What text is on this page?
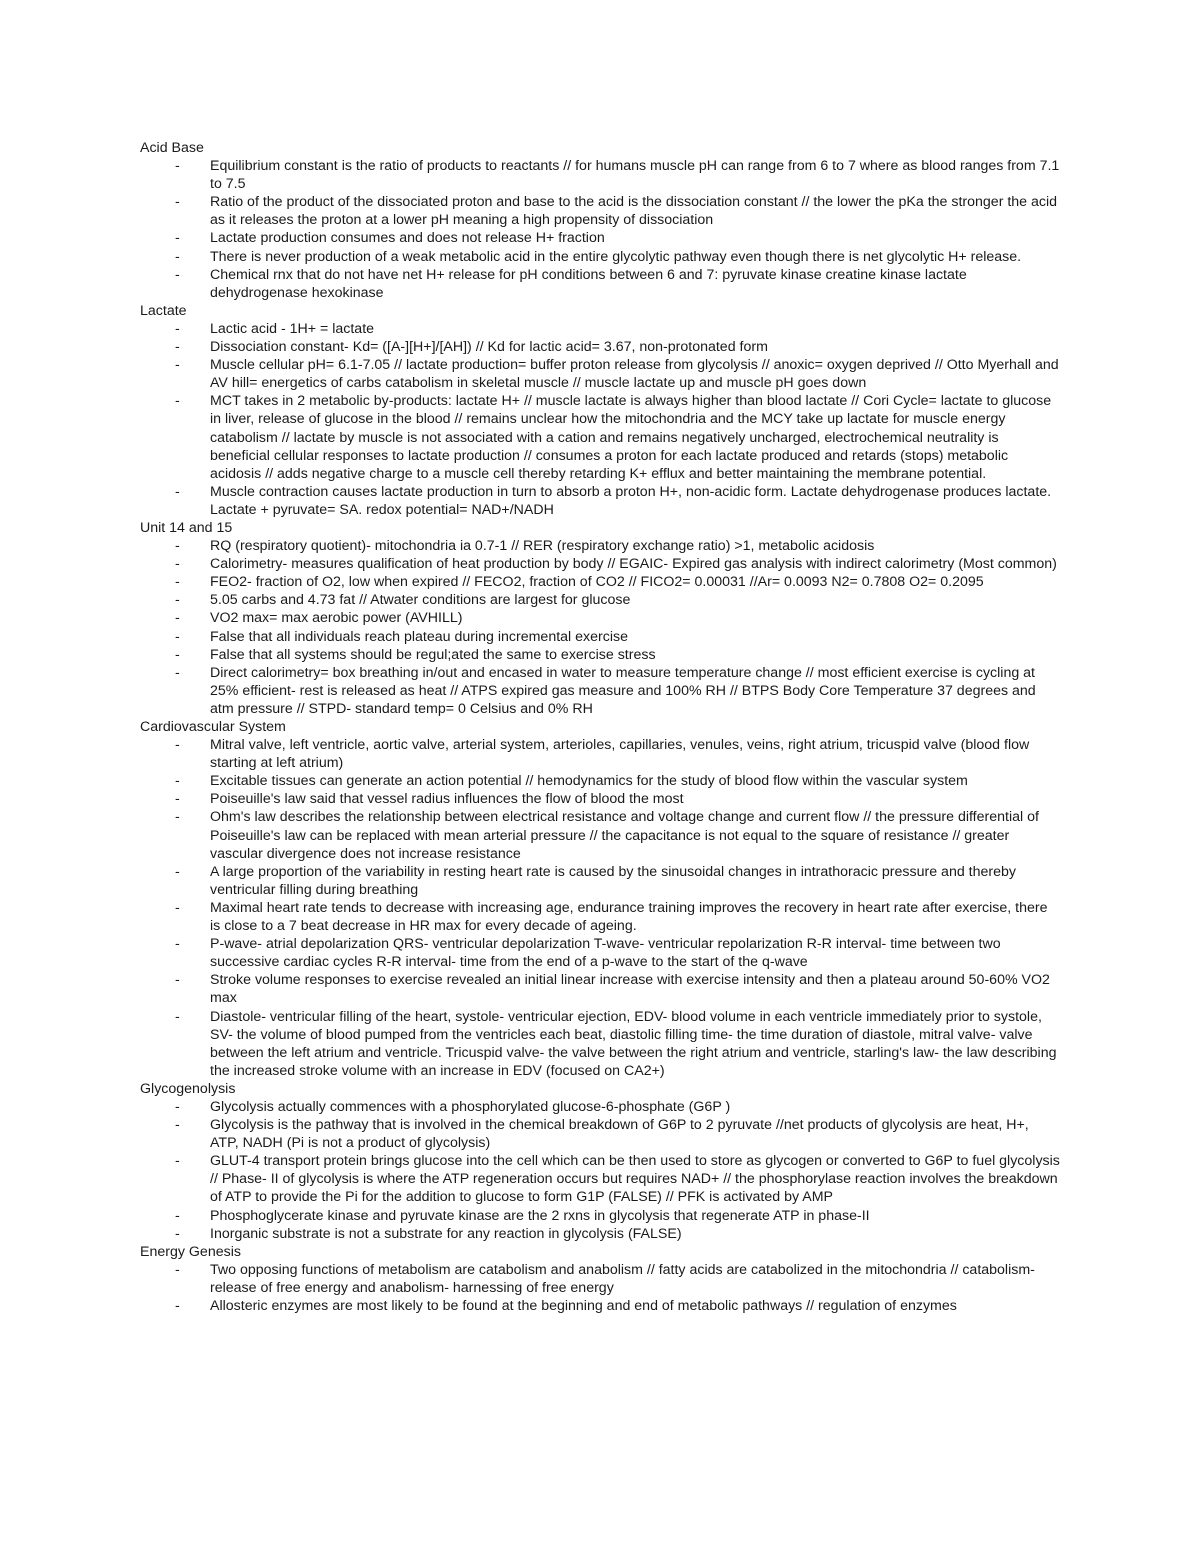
Acid Base
- Equilibrium constant is the ratio of products to reactants // for humans muscle pH can range from 6 to 7 where as blood ranges from 7.1 to 7.5
- Ratio of the product of the dissociated proton and base to the acid is the dissociation constant // the lower the pKa the stronger the acid as it releases the proton at a lower pH meaning a high propensity of dissociation
- Lactate production consumes and does not release H+ fraction
- There is never production of a weak metabolic acid in the entire glycolytic pathway even though there is net glycolytic H+ release.
- Chemical rnx that do not have net H+ release for pH conditions between 6 and 7: pyruvate kinase creatine kinase lactate dehydrogenase hexokinase
Lactate
- Lactic acid - 1H+ = lactate
- Dissociation constant- Kd= ([A-][H+]/[AH]) // Kd for lactic acid= 3.67, non-protonated form
- Muscle cellular pH= 6.1-7.05 // lactate production= buffer proton release from glycolysis // anoxic= oxygen deprived // Otto Myerhall and AV hill= energetics of carbs catabolism in skeletal muscle // muscle lactate up and muscle pH goes down
- MCT takes in 2 metabolic by-products: lactate H+ // muscle lactate is always higher than blood lactate // Cori Cycle= lactate to glucose in liver, release of glucose in the blood // remains unclear how the mitochondria and the MCY take up lactate for muscle energy catabolism // lactate by muscle is not associated with a cation and remains negatively uncharged, electrochemical neutrality is beneficial cellular responses to lactate production // consumes a proton for each lactate produced and retards (stops) metabolic acidosis // adds negative charge to a muscle cell thereby retarding K+ efflux and better maintaining the membrane potential.
- Muscle contraction causes lactate production in turn to absorb a proton H+, non-acidic form. Lactate dehydrogenase produces lactate. Lactate + pyruvate= SA. redox potential= NAD+/NADH
Unit 14 and 15
- RQ (respiratory quotient)- mitochondria ia 0.7-1 // RER (respiratory exchange ratio) >1, metabolic acidosis
- Calorimetry- measures qualification of heat production by body // EGAIC- Expired gas analysis with indirect calorimetry (Most common)
- FEO2- fraction of O2, low when expired // FECO2, fraction of CO2 // FICO2= 0.00031 //Ar= 0.0093 N2= 0.7808 O2= 0.2095
- 5.05 carbs and 4.73 fat // Atwater conditions are largest for glucose
- VO2 max= max aerobic power (AVHILL)
- False that all individuals reach plateau during incremental exercise
- False that all systems should be regul;ated the same to exercise stress
- Direct calorimetry= box breathing in/out and encased in water to measure temperature change // most efficient exercise is cycling at 25% efficient- rest is released as heat // ATPS expired gas measure and 100% RH // BTPS Body Core Temperature 37 degrees and atm pressure // STPD- standard temp= 0 Celsius and 0% RH
Cardiovascular System
- Mitral valve, left ventricle, aortic valve, arterial system, arterioles, capillaries, venules, veins, right atrium, tricuspid valve (blood flow starting at left atrium)
- Excitable tissues can generate an action potential // hemodynamics for the study of blood flow within the vascular system
- Poiseuille's law said that vessel radius influences the flow of blood the most
- Ohm's law describes the relationship between electrical resistance and voltage change and current flow // the pressure differential of Poiseuille's law can be replaced with mean arterial pressure // the capacitance is not equal to the square of resistance // greater vascular divergence does not increase resistance
- A large proportion of the variability in resting heart rate is caused by the sinusoidal changes in intrathoracic pressure and thereby ventricular filling during breathing
- Maximal heart rate tends to decrease with increasing age, endurance training improves the recovery in heart rate after exercise, there is close to a 7 beat decrease in HR max for every decade of ageing.
- P-wave- atrial depolarization QRS- ventricular depolarization T-wave- ventricular repolarization R-R interval- time between two successive cardiac cycles R-R interval- time from the end of a p-wave to the start of the q-wave
- Stroke volume responses to exercise revealed an initial linear increase with exercise intensity and then a plateau around 50-60% VO2 max
- Diastole- ventricular filling of the heart, systole- ventricular ejection, EDV- blood volume in each ventricle immediately prior to systole, SV- the volume of blood pumped from the ventricles each beat, diastolic filling time- the time duration of diastole, mitral valve- valve between the left atrium and ventricle. Tricuspid valve- the valve between the right atrium and ventricle, starling's law- the law describing the increased stroke volume with an increase in EDV (focused on CA2+)
Glycogenolysis
- Glycolysis actually commences with a phosphorylated glucose-6-phosphate (G6P )
- Glycolysis is the pathway that is involved in the chemical breakdown of G6P to 2 pyruvate //net products of glycolysis are heat, H+, ATP, NADH (Pi is not a product of glycolysis)
- GLUT-4 transport protein brings glucose into the cell which can be then used to store as glycogen or converted to G6P to fuel glycolysis // Phase- II of glycolysis is where the ATP regeneration occurs but requires NAD+ // the phosphorylase reaction involves the breakdown of ATP to provide the Pi for the addition to glucose to form G1P (FALSE) // PFK is activated by AMP
- Phosphoglycerate kinase and pyruvate kinase are the 2 rxns in glycolysis that regenerate ATP in phase-II
- Inorganic substrate is not a substrate for any reaction in glycolysis (FALSE)
Energy Genesis
- Two opposing functions of metabolism are catabolism and anabolism // fatty acids are catabolized in the mitochondria // catabolism- release of free energy and anabolism- harnessing of free energy
- Allosteric enzymes are most likely to be found at the beginning and end of metabolic pathways // regulation of enzymes
